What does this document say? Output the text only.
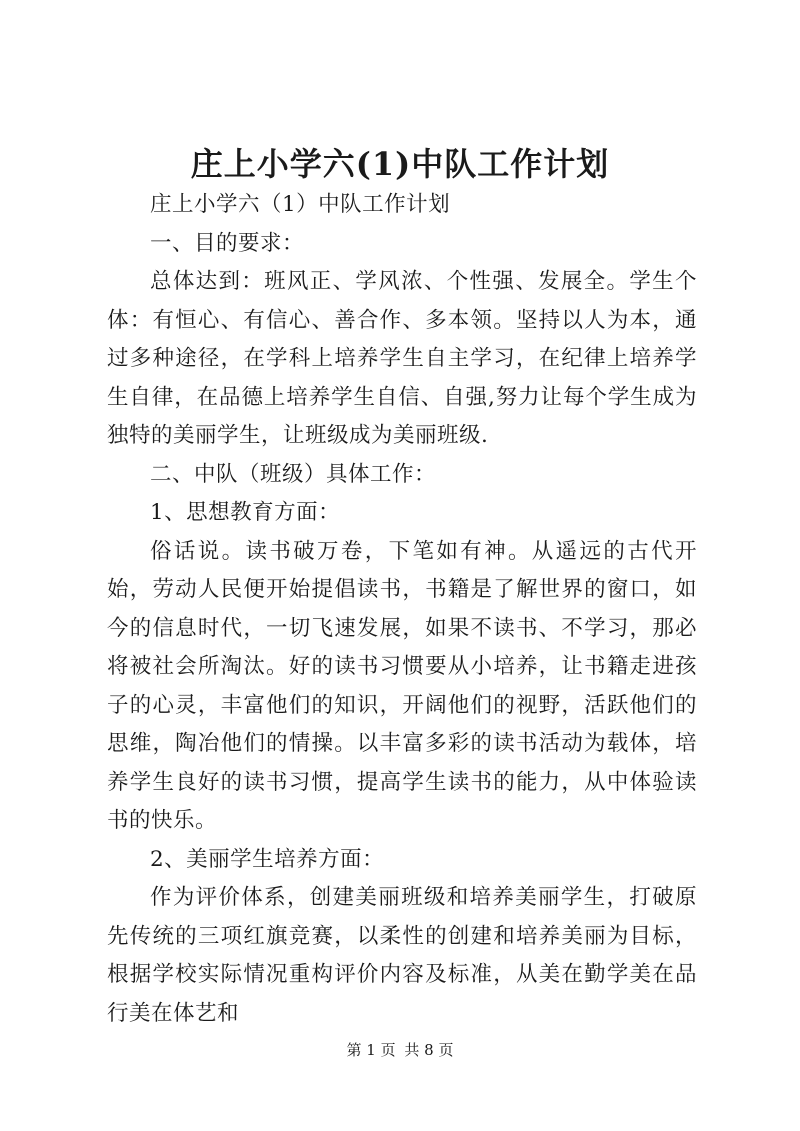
庄上小学六(1)中队工作计划

庄上小学六（1）中队工作计划

一、目的要求：

总体达到：班风正、学风浓、个性强、发展全。学生个体：有恒心、有信心、善合作、多本领。坚持以人为本，通过多种途径，在学科上培养学生自主学习，在纪律上培养学生自律，在品德上培养学生自信、自强,努力让每个学生成为独特的美丽学生，让班级成为美丽班级.

二、中队（班级）具体工作：

1、思想教育方面：

俗话说。读书破万卷，下笔如有神。从遥远的古代开始，劳动人民便开始提倡读书，书籍是了解世界的窗口，如今的信息时代，一切飞速发展，如果不读书、不学习，那必将被社会所淘汰。好的读书习惯要从小培养，让书籍走进孩子的心灵，丰富他们的知识，开阔他们的视野，活跃他们的思维，陶冶他们的情操。以丰富多彩的读书活动为载体，培养学生良好的读书习惯，提高学生读书的能力，从中体验读书的快乐。

2、美丽学生培养方面：

作为评价体系，创建美丽班级和培养美丽学生，打破原先传统的三项红旗竞赛，以柔性的创建和培养美丽为目标，根据学校实际情况重构评价内容及标准，从美在勤学美在品行美在体艺和

第 1 页 共 8 页
